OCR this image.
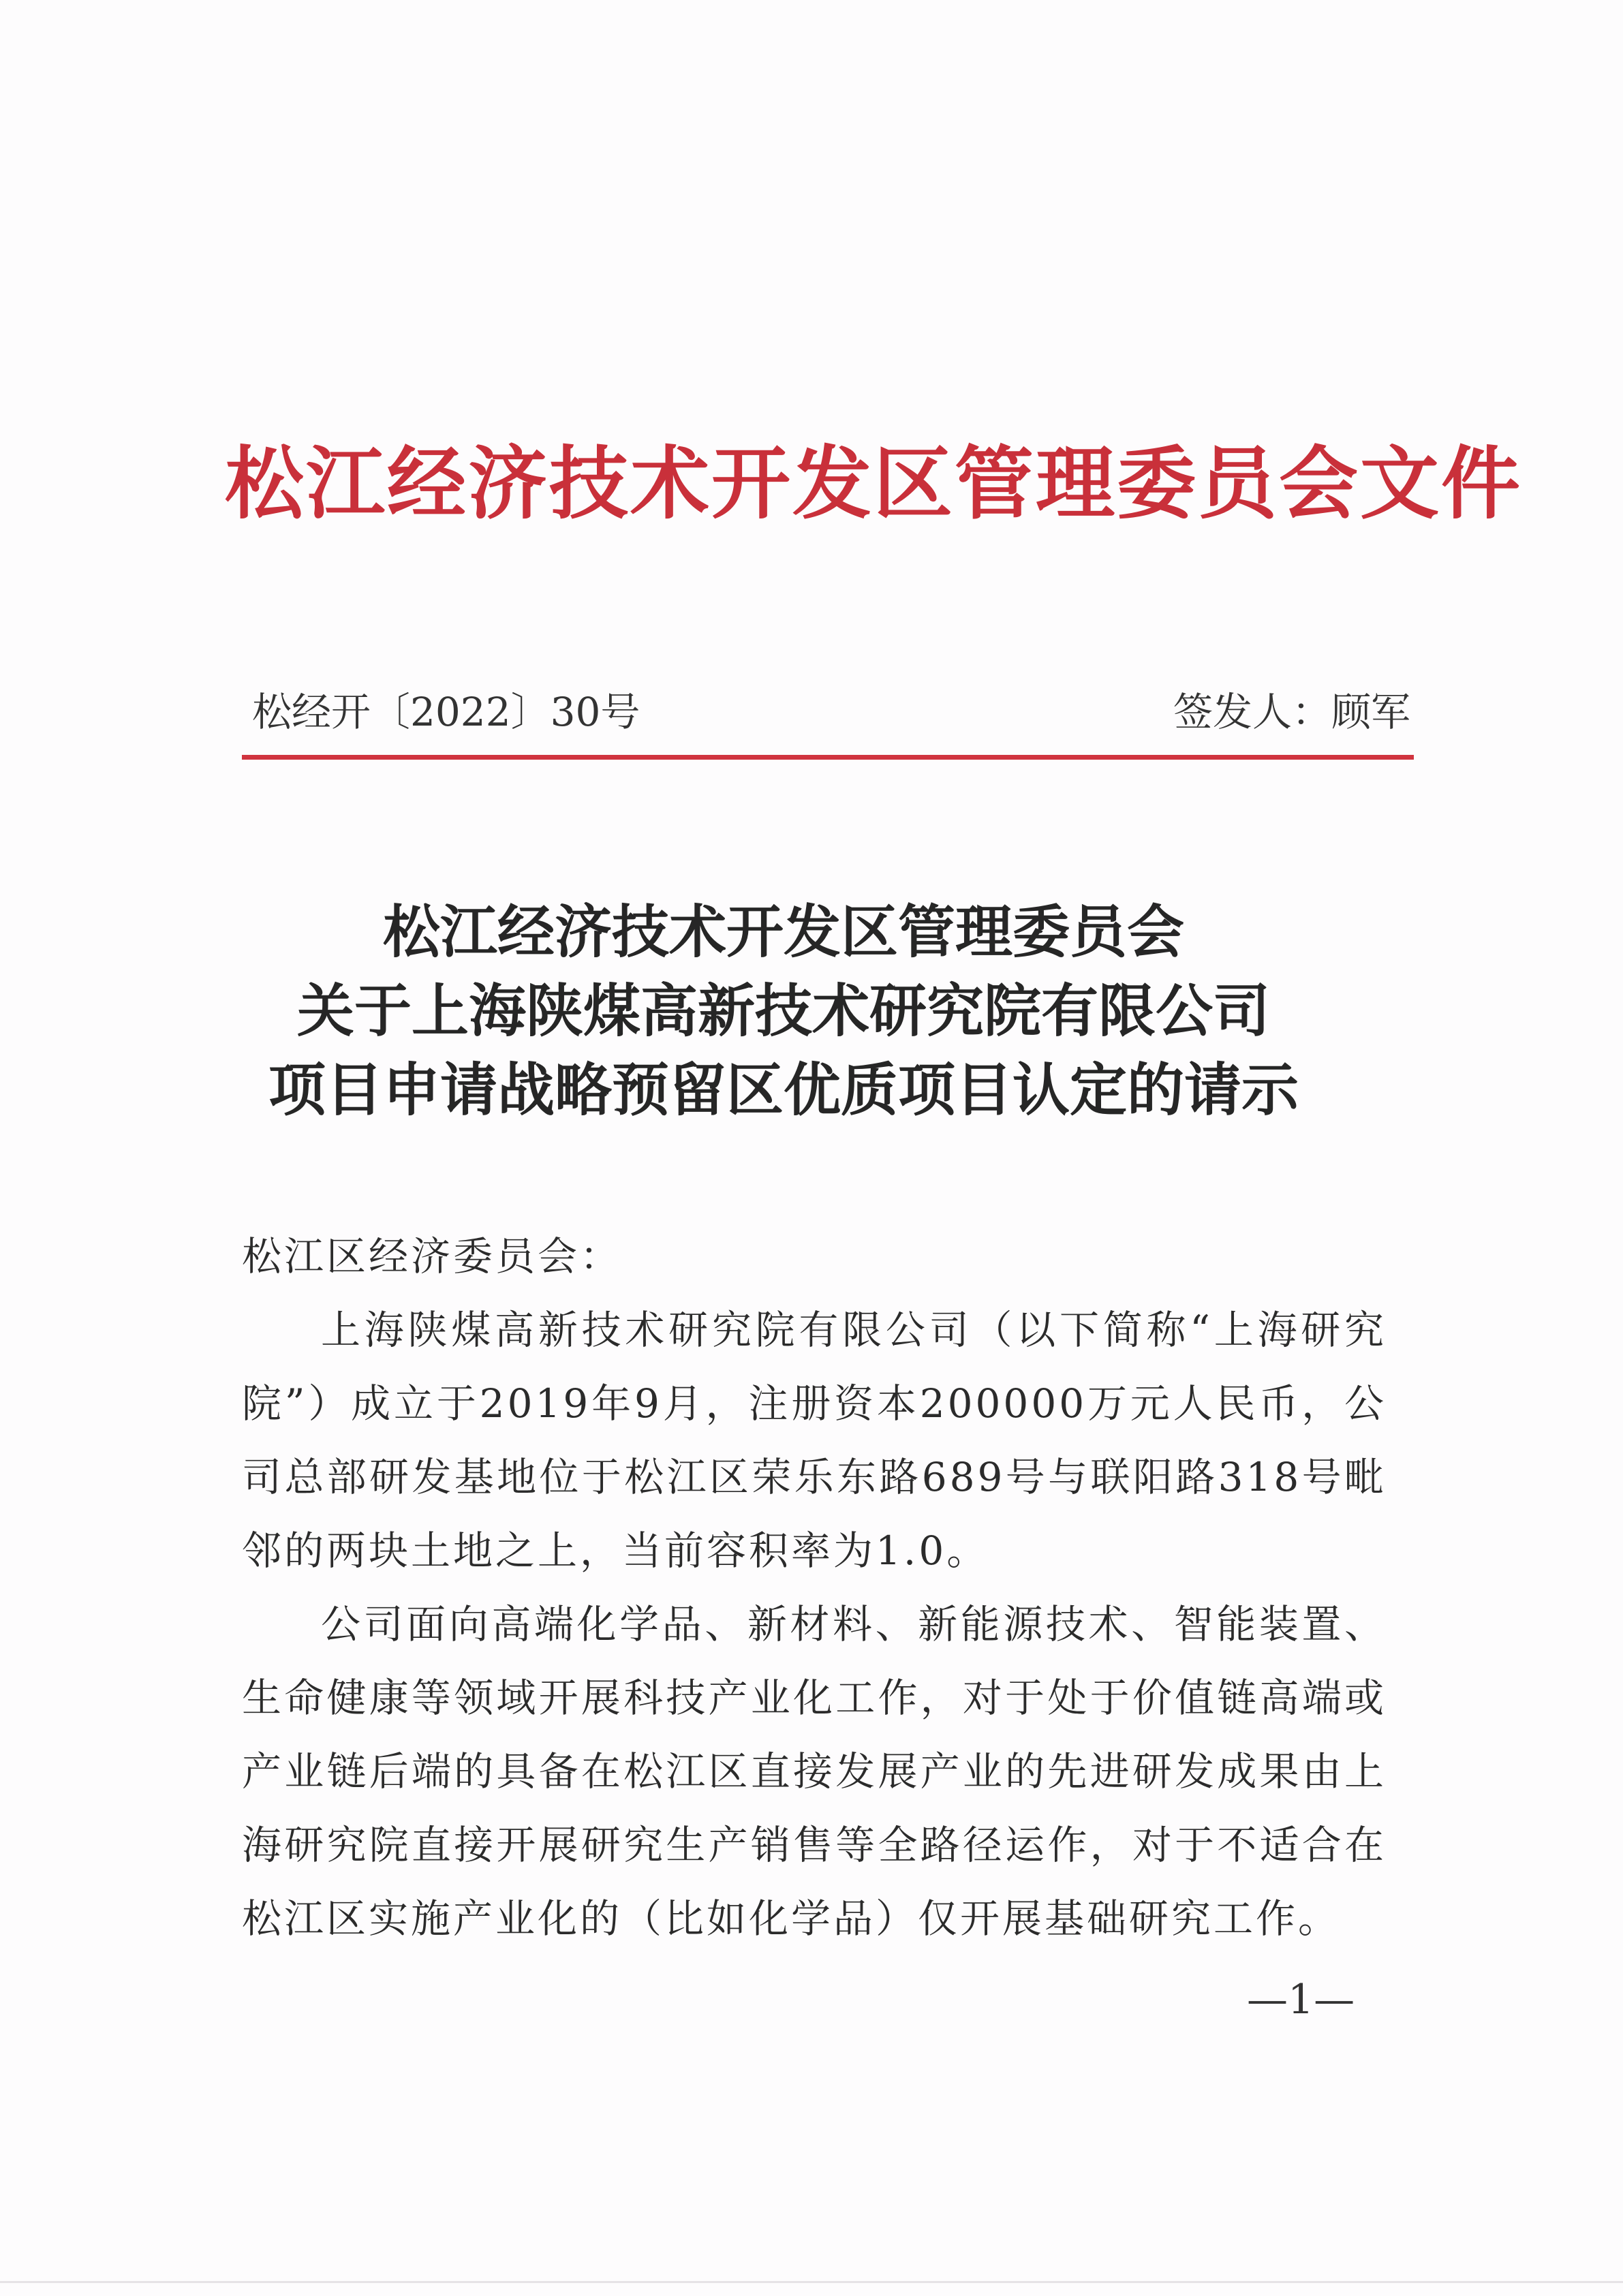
松江经济技术开发区管理委员会文件
松经开〔2022〕30号	签发人：顾军
松江经济技术开发区管理委员会
关于上海陕煤高新技术研究院有限公司
项目申请战略预留区优质项目认定的请示
松江区经济委员会：

上海陕煤高新技术研究院有限公司（以下简称“上海研究院”）成立于2019年9月，注册资本200000万元人民币，公司总部研发基地位于松江区荣乐东路689号与联阳路318号毗邻的两块土地之上，当前容积率为1.0。

公司面向高端化学品、新材料、新能源技术、智能装置、生命健康等领域开展科技产业化工作，对于处于价值链高端或产业链后端的具备在松江区直接发展产业的先进研发成果由上海研究院直接开展研究生产销售等全路径运作，对于不适合在松江区实施产业化的（比如化学品）仅开展基础研究工作。

—1—
